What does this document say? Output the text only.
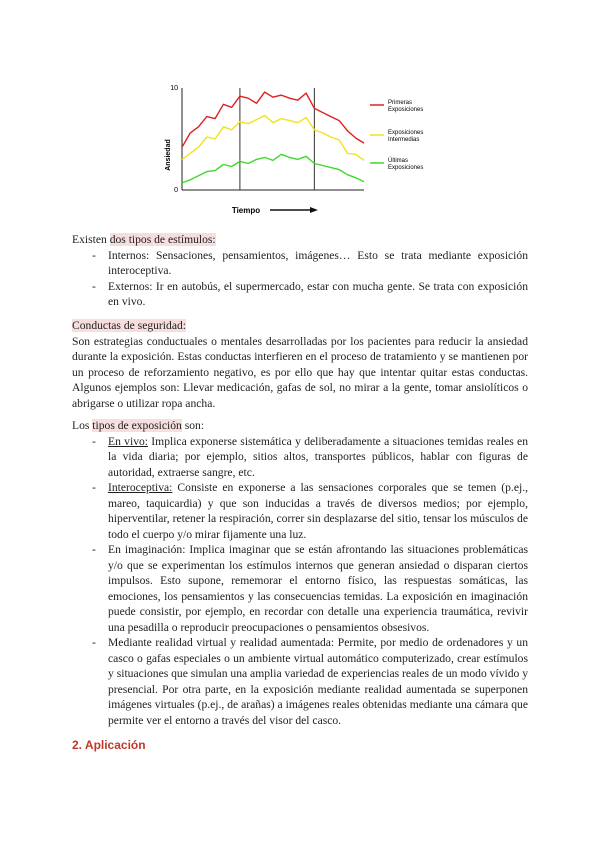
10
0
Ansiedad
Tiempo
Primeras Exposiciones
Exposiciones Intermedias
Últimas Exposiciones

Existen dos tipos de estímulos:

- Internos: Sensaciones, pensamientos, imágenes… Esto se trata mediante exposición interoceptiva.
- Externos: Ir en autobús, el supermercado, estar con mucha gente. Se trata con exposición en vivo.

Conductas de seguridad:

Son estrategias conductuales o mentales desarrolladas por los pacientes para reducir la ansiedad durante la exposición. Estas conductas interfieren en el proceso de tratamiento y se mantienen por un proceso de reforzamiento negativo, es por ello que hay que intentar quitar estas conductas. Algunos ejemplos son: Llevar medicación, gafas de sol, no mirar a la gente, tomar ansiolíticos o abrigarse o utilizar ropa ancha.

Los tipos de exposición son:

- En vivo: Implica exponerse sistemática y deliberadamente a situaciones temidas reales en la vida diaria; por ejemplo, sitios altos, transportes públicos, hablar con figuras de autoridad, extraerse sangre, etc.
- Interoceptiva: Consiste en exponerse a las sensaciones corporales que se temen (p.ej., mareo, taquicardia) y que son inducidas a través de diversos medios; por ejemplo, hiperventilar, retener la respiración, correr sin desplazarse del sitio, tensar los músculos de todo el cuerpo y/o mirar fijamente una luz.
- En imaginación: Implica imaginar que se están afrontando las situaciones problemáticas y/o que se experimentan los estímulos internos que generan ansiedad o disparan ciertos impulsos. Esto supone, rememorar el entorno físico, las respuestas somáticas, las emociones, los pensamientos y las consecuencias temidas. La exposición en imaginación puede consistir, por ejemplo, en recordar con detalle una experiencia traumática, revivir una pesadilla o reproducir preocupaciones o pensamientos obsesivos.
- Mediante realidad virtual y realidad aumentada: Permite, por medio de ordenadores y un casco o gafas especiales o un ambiente virtual automático computerizado, crear estímulos y situaciones que simulan una amplia variedad de experiencias reales de un modo vívido y presencial. Por otra parte, en la exposición mediante realidad aumentada se superponen imágenes virtuales (p.ej., de arañas) a imágenes reales obtenidas mediante una cámara que permite ver el entorno a través del visor del casco.
2. Aplicación
